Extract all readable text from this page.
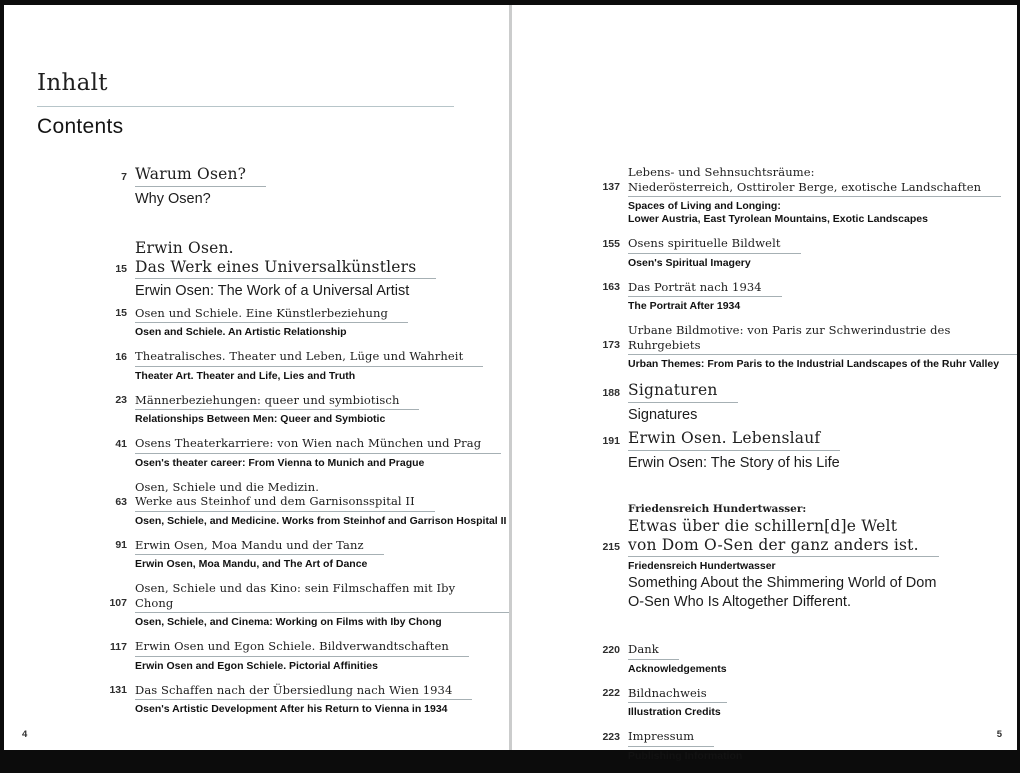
Inhalt
Contents
7 Warum Osen?
Why Osen?
15
Erwin Osen.
Das Werk eines Universalkünstlers
Erwin Osen: The Work of a Universal Artist
15 Osen und Schiele. Eine Künstlerbeziehung
Osen and Schiele. An Artistic Relationship
16 Theatralisches. Theater und Leben, Lüge und Wahrheit
Theater Art. Theater and Life, Lies and Truth
23 Männerbeziehungen: queer und symbiotisch
Relationships Between Men: Queer and Symbiotic
41 Osens Theaterkarriere: von Wien nach München und Prag
Osen's theater career: From Vienna to Munich and Prague
63
Osen, Schiele und die Medizin.
Werke aus Steinhof und dem Garnisonsspital II
Osen, Schiele, and Medicine. Works from Steinhof and Garrison Hospital II
91 Erwin Osen, Moa Mandu und der Tanz
Erwin Osen, Moa Mandu, and The Art of Dance
107
Osen, Schiele und das Kino: sein Filmschaffen mit Iby Chong
Osen, Schiele, and Cinema: Working on Films with Iby Chong
117 Erwin Osen und Egon Schiele. Bildverwandtschaften
Erwin Osen and Egon Schiele. Pictorial Affinities
131 Das Schaffen nach der Übersiedlung nach Wien 1934
Osen's Artistic Development After his Return to Vienna in 1934
4
137
Lebens- und Sehnsuchtsräume:
Niederösterreich, Osttiroler Berge, exotische Landschaften
Spaces of Living and Longing:
Lower Austria, East Tyrolean Mountains, Exotic Landscapes
155 Osens spirituelle Bildwelt
Osen's Spiritual Imagery
163 Das Porträt nach 1934
The Portrait After 1934
173
Urbane Bildmotive: von Paris zur Schwerindustrie des Ruhrgebiets
Urban Themes: From Paris to the Industrial Landscapes of the Ruhr Valley
188 Signaturen
Signatures
191 Erwin Osen. Lebenslauf
Erwin Osen: The Story of his Life
215
Friedensreich Hundertwasser:
Etwas über die schillern[d]e Welt
von Dom O-Sen der ganz anders ist.
Friedensreich Hundertwasser
Something About the Shimmering World of Dom
O-Sen Who Is Altogether Different.
220 Dank
Acknowledgements
222 Bildnachweis
Illustration Credits
223 Impressum
Publishing Information
5
